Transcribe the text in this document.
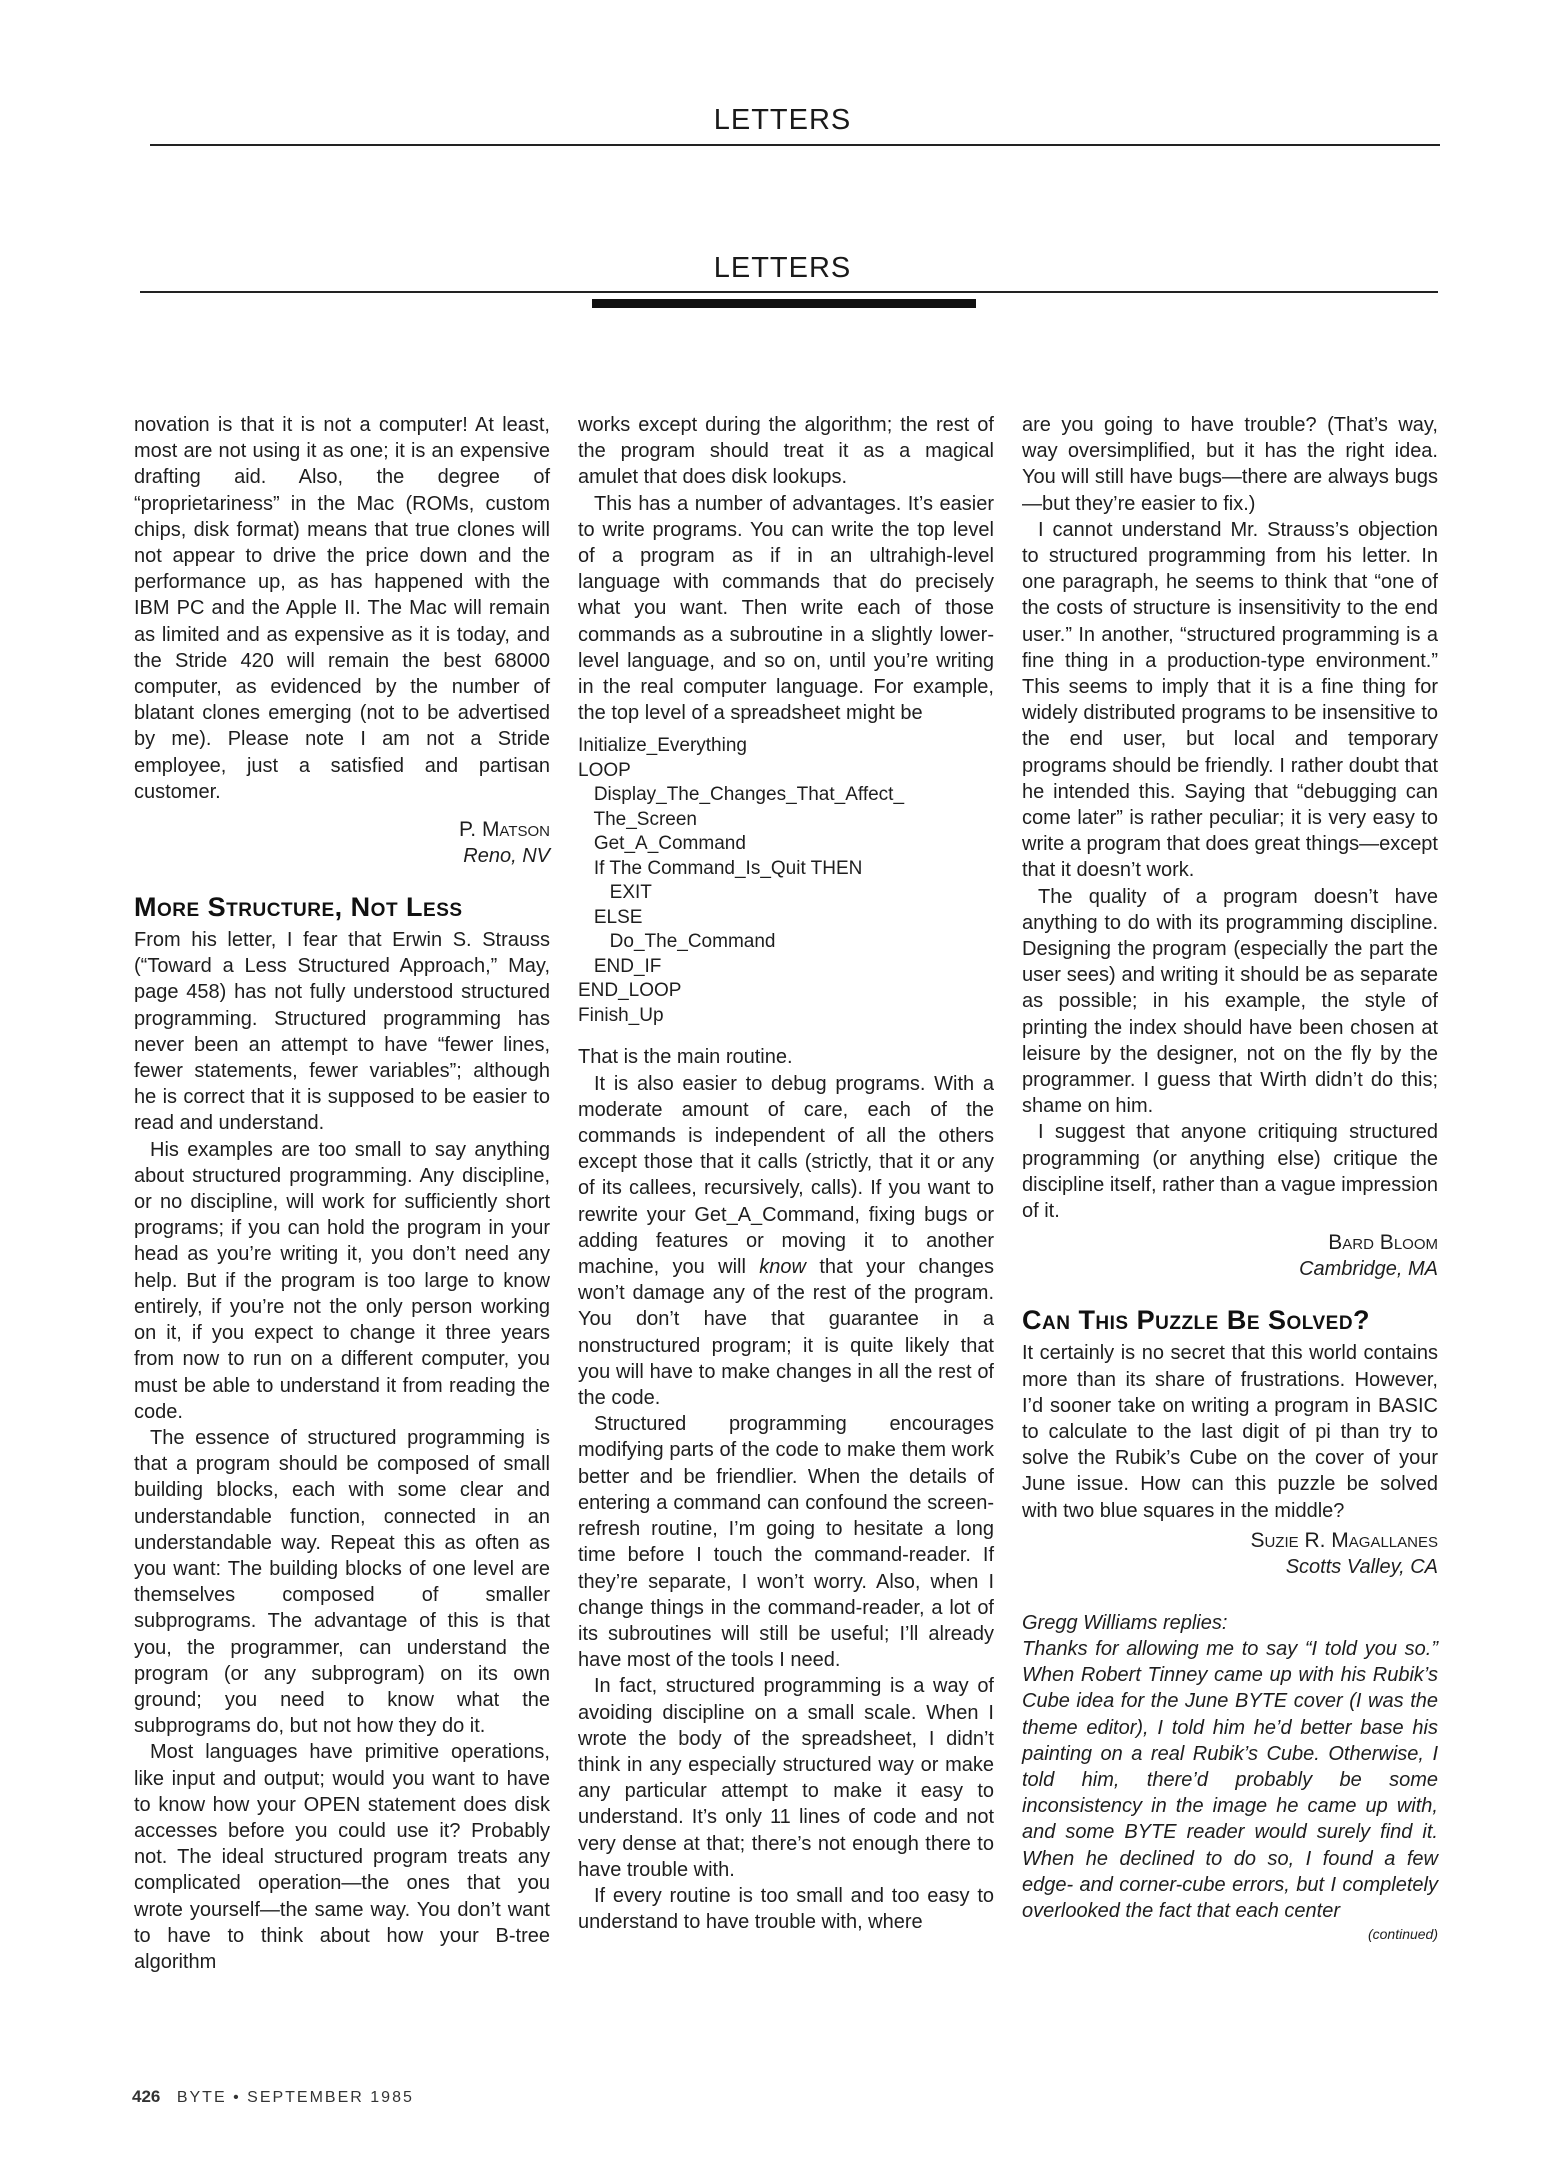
LETTERS
LETTERS

novation is that it is not a computer! At least, most are not using it as one; it is an expensive drafting aid. Also, the degree of “proprietariness” in the Mac (ROMs, custom chips, disk format) means that true clones will not appear to drive the price down and the performance up, as has happened with the IBM PC and the Apple II. The Mac will remain as limited and as expensive as it is today, and the Stride 420 will remain the best 68000 computer, as evidenced by the number of blatant clones emerging (not to be advertised by me). Please note I am not a Stride employee, just a satisfied and partisan customer.

P. Matson
Reno, NV
More Structure, Not Less

From his letter, I fear that Erwin S. Strauss (“Toward a Less Structured Approach,” May, page 458) has not fully understood structured programming. Structured programming has never been an attempt to have “fewer lines, fewer statements, fewer variables”; although he is correct that it is supposed to be easier to read and understand.

His examples are too small to say anything about structured programming. Any discipline, or no discipline, will work for sufficiently short programs; if you can hold the program in your head as you’re writing it, you don’t need any help. But if the program is too large to know entirely, if you’re not the only person working on it, if you expect to change it three years from now to run on a different computer, you must be able to understand it from reading the code.

The essence of structured programming is that a program should be composed of small building blocks, each with some clear and understandable function, connected in an understandable way. Repeat this as often as you want: The building blocks of one level are themselves composed of smaller subprograms. The advantage of this is that you, the programmer, can understand the program (or any subprogram) on its own ground; you need to know what the subprograms do, but not how they do it.

Most languages have primitive operations, like input and output; would you want to have to know how your OPEN statement does disk accesses before you could use it? Probably not. The ideal structured program treats any complicated operation—the ones that you wrote yourself—the same way. You don’t want to have to think about how your B-tree algorithm

works except during the algorithm; the rest of the program should treat it as a magical amulet that does disk lookups.

This has a number of advantages. It’s easier to write programs. You can write the top level of a program as if in an ultrahigh-level language with commands that do precisely what you want. Then write each of those commands as a subroutine in a slightly lower-level language, and so on, until you’re writing in the real computer language. For example, the top level of a spreadsheet might be

Initialize_Everything
LOOP
Display_The_Changes_That_Affect_
The_Screen
Get_A_Command
If The Command_Is_Quit THEN
EXIT
ELSE
Do_The_Command
END_IF
END_LOOP
Finish_Up

That is the main routine.

It is also easier to debug programs. With a moderate amount of care, each of the commands is independent of all the others except those that it calls (strictly, that it or any of its callees, recursively, calls). If you want to rewrite your Get_A_Command, fixing bugs or adding features or moving it to another machine, you will know that your changes won’t damage any of the rest of the program. You don’t have that guarantee in a nonstructured program; it is quite likely that you will have to make changes in all the rest of the code.

Structured programming encourages modifying parts of the code to make them work better and be friendlier. When the details of entering a command can confound the screen-refresh routine, I’m going to hesitate a long time before I touch the command-reader. If they’re separate, I won’t worry. Also, when I change things in the command-reader, a lot of its subroutines will still be useful; I’ll already have most of the tools I need.

In fact, structured programming is a way of avoiding discipline on a small scale. When I wrote the body of the spreadsheet, I didn’t think in any especially structured way or make any particular attempt to make it easy to understand. It’s only 11 lines of code and not very dense at that; there’s not enough there to have trouble with.

If every routine is too small and too easy to understand to have trouble with, where

are you going to have trouble? (That’s way, way oversimplified, but it has the right idea. You will still have bugs—there are always bugs—but they’re easier to fix.)

I cannot understand Mr. Strauss’s objection to structured programming from his letter. In one paragraph, he seems to think that “one of the costs of structure is insensitivity to the end user.” In another, “structured programming is a fine thing in a production-type environment.” This seems to imply that it is a fine thing for widely distributed programs to be insensitive to the end user, but local and temporary programs should be friendly. I rather doubt that he intended this. Saying that “debugging can come later” is rather peculiar; it is very easy to write a program that does great things—except that it doesn’t work.

The quality of a program doesn’t have anything to do with its programming discipline. Designing the program (especially the part the user sees) and writing it should be as separate as possible; in his example, the style of printing the index should have been chosen at leisure by the designer, not on the fly by the programmer. I guess that Wirth didn’t do this; shame on him.

I suggest that anyone critiquing structured programming (or anything else) critique the discipline itself, rather than a vague impression of it.

Bard Bloom
Cambridge, MA
Can This Puzzle Be Solved?

It certainly is no secret that this world contains more than its share of frustrations. However, I’d sooner take on writing a program in BASIC to calculate to the last digit of pi than try to solve the Rubik’s Cube on the cover of your June issue. How can this puzzle be solved with two blue squares in the middle?

Suzie R. Magallanes
Scotts Valley, CA
Gregg Williams replies:

Thanks for allowing me to say “I told you so.” When Robert Tinney came up with his Rubik’s Cube idea for the June BYTE cover (I was the theme editor), I told him he’d better base his painting on a real Rubik’s Cube. Otherwise, I told him, there’d probably be some inconsistency in the image he came up with, and some BYTE reader would surely find it. When he declined to do so, I found a few edge- and corner-cube errors, but I completely overlooked the fact that each center

(continued)
426 BYTE • SEPTEMBER 1985
